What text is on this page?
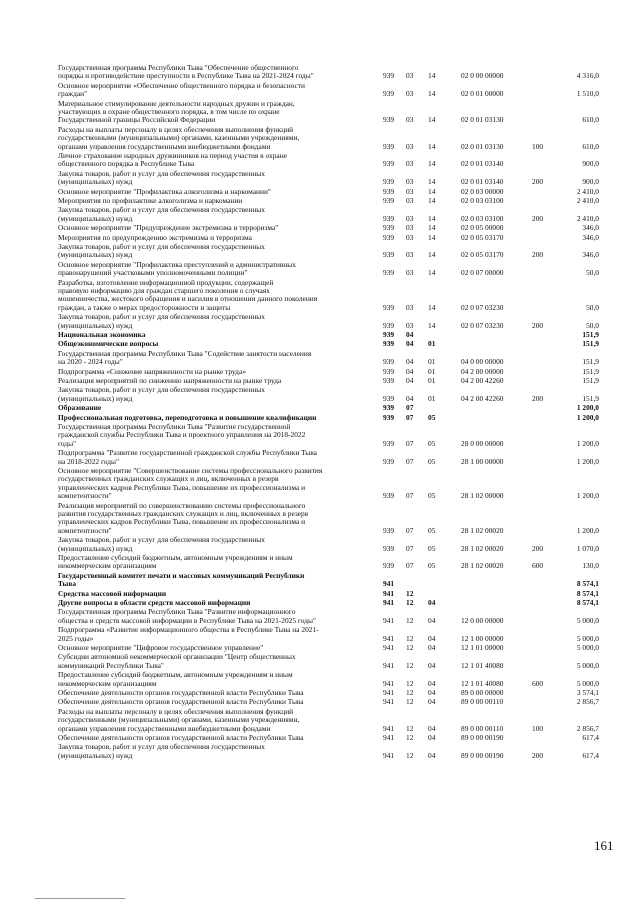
Государственная программа Республики Тыва "Обеспечение общественного
порядка и противодействие преступности в Республике Тыва на 2021-2024 годы"	939 03 14	02 0 00 00000	4 316,0
Основное мероприятие «Обеспечение общественного порядка и безопасности
граждан"	939 03 14	02 0 01 00000	1 510,0
Материальное стимулирование деятельности народных дружин и граждан,
участвующих в охране общественного порядка, в том числе по охране
Государственной границы Российской Федерации	939 03 14	02 0 01 03130	610,0
Расходы на выплаты персоналу в целях обеспечения выполнения функций
государственными (муниципальными) органами, казенными учреждениями,
органами управления государственными внебюджетными фондами	939 03 14	02 0 01 03130	100	610,0
Личное страхование народных дружинников на период участия в охране
общественного порядка в Республике Тыва	939 03 14	02 0 01 03140	900,0
Закупка товаров, работ и услуг для обеспечения государственных
(муниципальных) нужд	939 03 14	02 0 01 03140	200	900,0
Основное мероприятие "Профилактика алкоголизма и наркомании"	939 03 14	02 0 03 00000	2 410,0
Мероприятия по профилактике алкоголизма и наркомании	939 03 14	02 0 03 03100	2 410,0
Закупка товаров, работ и услуг для обеспечения государственных
(муниципальных) нужд	939 03 14	02 0 03 03100	200	2 410,0
Основное мероприятие "Предупреждение экстремизма и терроризма"	939 03 14	02 0 05 00000	346,0
Мероприятия по предупреждению экстремизма и терроризма	939 03 14	02 0 05 03170	346,0
Закупка товаров, работ и услуг для обеспечения государственных
(муниципальных) нужд	939 03 14	02 0 05 03170	200	346,0
Основное мероприятие "Профилактика преступлений и административных
правонарушений участковыми уполномоченными полиции"	939 03 14	02 0 07 00000	50,0
Разработка, изготовление информационной продукции, содержащей
правовую информацию для граждан старшего поколения о случаях
мошенничества, жестокого обращения и насилия в отношении данного поколения
граждан, а также о мерах предосторожности и защиты	939 03 14	02 0 07 03230	50,0
Закупка товаров, работ и услуг для обеспечения государственных
(муниципальных) нужд	939 03 14	02 0 07 03230	200	50,0
Национальная экономика	939 04	151,9
Общеэкономические вопросы	939 04 01	151,9
Государственная программа Республики Тыва "Содействие занятости населения
на 2020 - 2024 годы"	939 04 01	04 0 00 00000	151,9
Подпрограмма «Снижение напряженности на рынке труда»	939 04 01	04 2 00 00000	151,9
Реализация мероприятий по снижению напряженности на рынке труда	939 04 01	04 2 00 42260	151,9
Закупка товаров, работ и услуг для обеспечения государственных
(муниципальных) нужд	939 04 01	04 2 00 42260	200	151,9
Образование	939 07	1 200,0
Профессиональная подготовка, переподготовка и повышение квалификации	939 07 05	1 200,0
Государственная программа Республики Тыва "Развитие государственной
гражданской службы Республики Тыва и проектного управления на 2018-2022
годы"	939 07 05	28 0 00 00000	1 200,0
Подпрограмма "Развитие государственной гражданской службы Республики Тыва
на 2018-2022 годы"	939 07 05	28 1 00 00000	1 200,0
Основное мероприятие "Совершенствование системы профессионального развития
государственных гражданских служащих и лиц, включенных в резерв
управленческих кадров Республики Тыва, повышение их профессионализма и
компетентности"	939 07 05	28 1 02 00000	1 200,0
Реализация мероприятий по совершенствованию системы профессионального
развития государственных гражданских служащих и лиц, включенных в резерв
управленческих кадров Республики Тыва, повышение их профессионализма и
компетентности"	939 07 05	28 1 02 00020	1 200,0
Закупка товаров, работ и услуг для обеспечения государственных
(муниципальных) нужд	939 07 05	28 1 02 00020	200	1 070,0
Предоставление субсидий бюджетным, автономным учреждениям и иным
некоммерческим организациям	939 07 05	28 1 02 00020	600	130,0
Государственный комитет печати и массовых коммуникаций Республики
Тыва	941	8 574,1
Средства массовой информации	941 12	8 574,1
Другие вопросы в области средств массовой информации	941 12 04	8 574,1
Государственная программа Республики Тыва "Развитие информационного
общества и средств массовой информации в Республике Тыва на 2021-2025 годы"	941 12 04	12 0 00 00000	5 000,0
Подпрограмма «Развитие информационного общества в Республике Тыва на 2021-
2025 годы»	941 12 04	12 1 00 00000	5 000,0
Основное мероприятие "Цифровое государственное управление"	941 12 04	12 1 01 00000	5 000,0
Субсидии автономной некоммерческой организации "Центр общественных
коммуникаций Республики Тыва"	941 12 04	12 1 01 40080	5 000,0
Предоставление субсидий бюджетным, автономным учреждениям и иным
некоммерческим организациям	941 12 04	12 1 01 40080	600	5 000,0
Обеспечение деятельности органов государственной власти Республики Тыва	941 12 04	89 0 00 00000	3 574,1
Обеспечение деятельности органов государственной власти Республики Тыва	941 12 04	89 0 00 00110	2 856,7
Расходы на выплаты персоналу в целях обеспечения выполнения функций
государственными (муниципальными) органами, казенными учреждениями,
органами управления государственными внебюджетными фондами	941 12 04	89 0 00 00110	100	2 856,7
Обеспечение деятельности органов государственной власти Республики Тыва	941 12 04	89 0 00 00190	617,4
Закупка товаров, работ и услуг для обеспечения государственных
(муниципальных) нужд	941 12 04	89 0 00 00190	200	617,4
161
